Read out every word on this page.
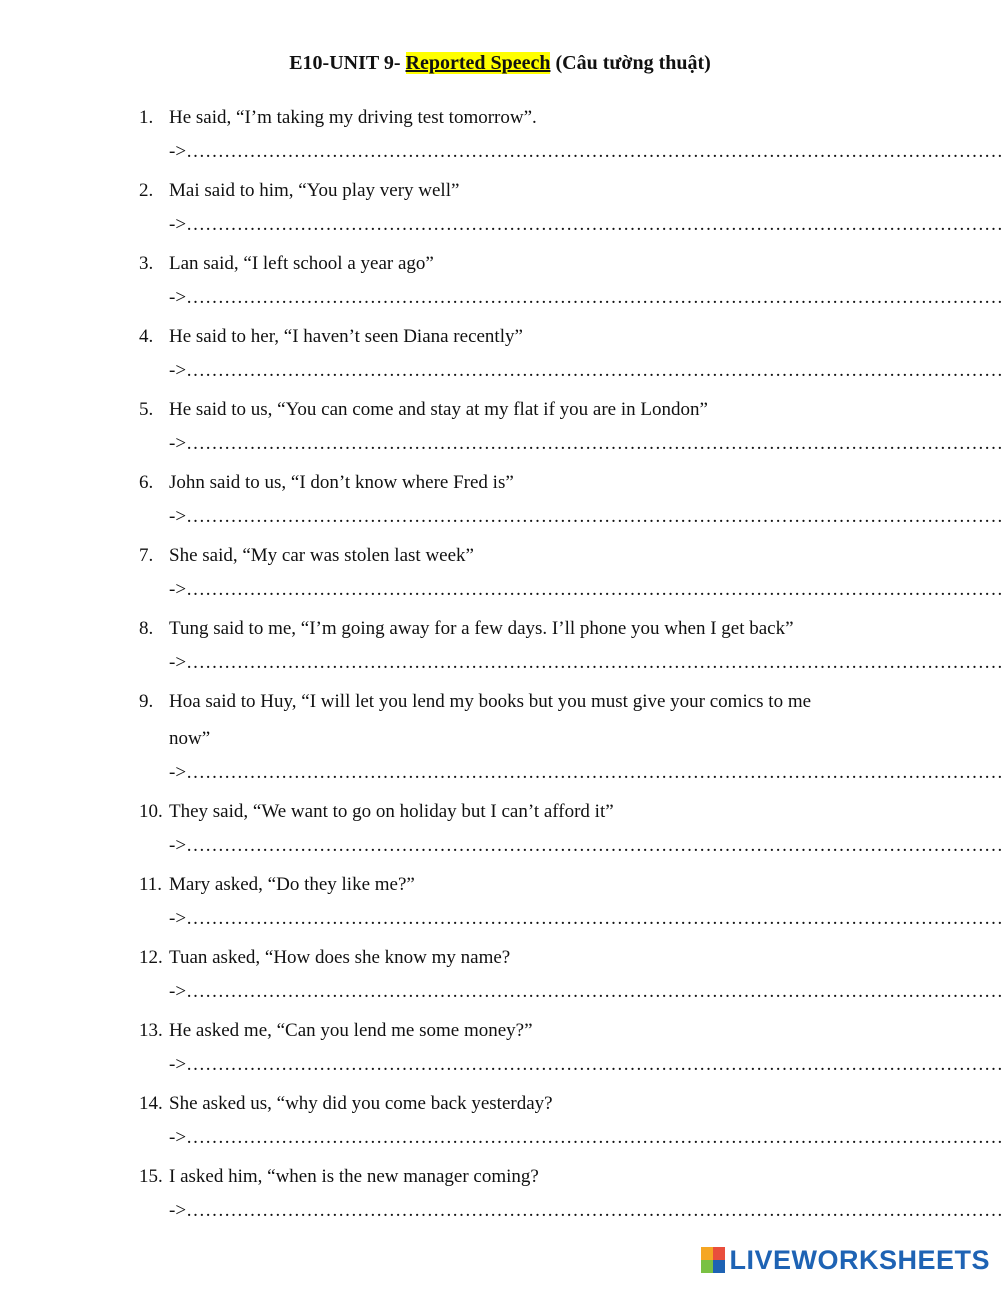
E10-UNIT 9- Reported Speech (Câu tường thuật)
1. He said, “I’m taking my driving test tomorrow”.
->…………………………………………………………………………………………………………………
2. Mai said to him, “You play very well”
->…………………………………………………………………………………………………………………
3. Lan said, “I left school a year ago”
->…………………………………………………………………………………………………………………
4. He said to her, “I haven’t seen Diana recently”
->…………………………………………………………………………………………………………………
5. He said to us, “You can come and stay at my flat if you are in London”
->…………………………………………………………………………………………………………………
6. John said to us, “I don’t know where Fred is”
->…………………………………………………………………………………………………………………
7. She said, “My car was stolen last week”
->…………………………………………………………………………………………………………………
8. Tung said to me, “I’m going away for a few days. I’ll phone you when I get back”
->…………………………………………………………………………………………………………………
9. Hoa said to Huy, “I will let you lend my books but you must give your comics to me
now”
->…………………………………………………………………………………………………………………
10. They said, “We want to go on holiday but I can’t afford it”
->…………………………………………………………………………………………………………………
11. Mary asked, “Do they like me?”
->…………………………………………………………………………………………………………………
12. Tuan asked, “How does she know my name?
->…………………………………………………………………………………………………………………
13. He asked me, “Can you lend me some money?”
->…………………………………………………………………………………………………………………
14. She asked us, “why did you come back yesterday?
->…………………………………………………………………………………………………………………
15. I asked him, “when is the new manager coming?
->…………………………………………………………………………………………………………………
LIVEWORKSHEETS
